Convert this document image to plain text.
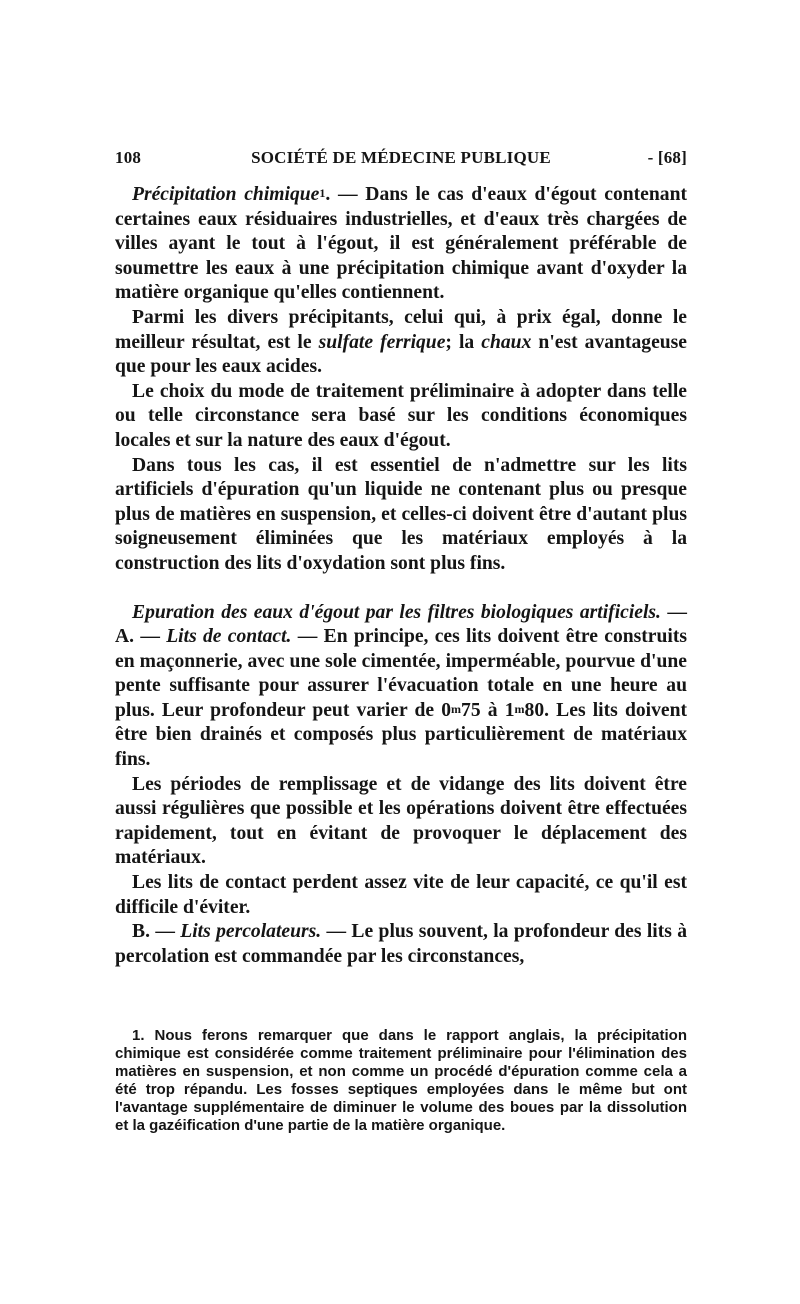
108	SOCIÉTÉ DE MÉDECINE PUBLIQUE	- [68]

Précipitation chimique$^1$. — Dans le cas d'eaux d'égout contenant certaines eaux résiduaires industrielles, et d'eaux très chargées de villes ayant le tout à l'égout, il est généralement préférable de soumettre les eaux à une précipitation chimique avant d'oxyder la matière organique qu'elles contiennent.

Parmi les divers précipitants, celui qui, à prix égal, donne le meilleur résultat, est le sulfate ferrique; la chaux n'est avantageuse que pour les eaux acides.

Le choix du mode de traitement préliminaire à adopter dans telle ou telle circonstance sera basé sur les conditions économiques locales et sur la nature des eaux d'égout.

Dans tous les cas, il est essentiel de n'admettre sur les lits artificiels d'épuration qu'un liquide ne contenant plus ou presque plus de matières en suspension, et celles-ci doivent être d'autant plus soigneusement éliminées que les matériaux employés à la construction des lits d'oxydation sont plus fins.

Epuration des eaux d'égout par les filtres biologiques artificiels. — A. — Lits de contact. — En principe, ces lits doivent être construits en maçonnerie, avec une sole cimentée, imperméable, pourvue d'une pente suffisante pour assurer l'évacuation totale en une heure au plus. Leur profondeur peut varier de 0$^m$75 à 1$^m$80. Les lits doivent être bien drainés et composés plus particulièrement de matériaux fins.

Les périodes de remplissage et de vidange des lits doivent être aussi régulières que possible et les opérations doivent être effectuées rapidement, tout en évitant de provoquer le déplacement des matériaux.

Les lits de contact perdent assez vite de leur capacité, ce qu'il est difficile d'éviter.

B. — Lits percolateurs. — Le plus souvent, la profondeur des lits à percolation est commandée par les circonstances,

1. Nous ferons remarquer que dans le rapport anglais, la précipitation chimique est considérée comme traitement préliminaire pour l'élimination des matières en suspension, et non comme un procédé d'épuration comme cela a été trop répandu. Les fosses septiques employées dans le même but ont l'avantage supplémentaire de diminuer le volume des boues par la dissolution et la gazéification d'une partie de la matière organique.
